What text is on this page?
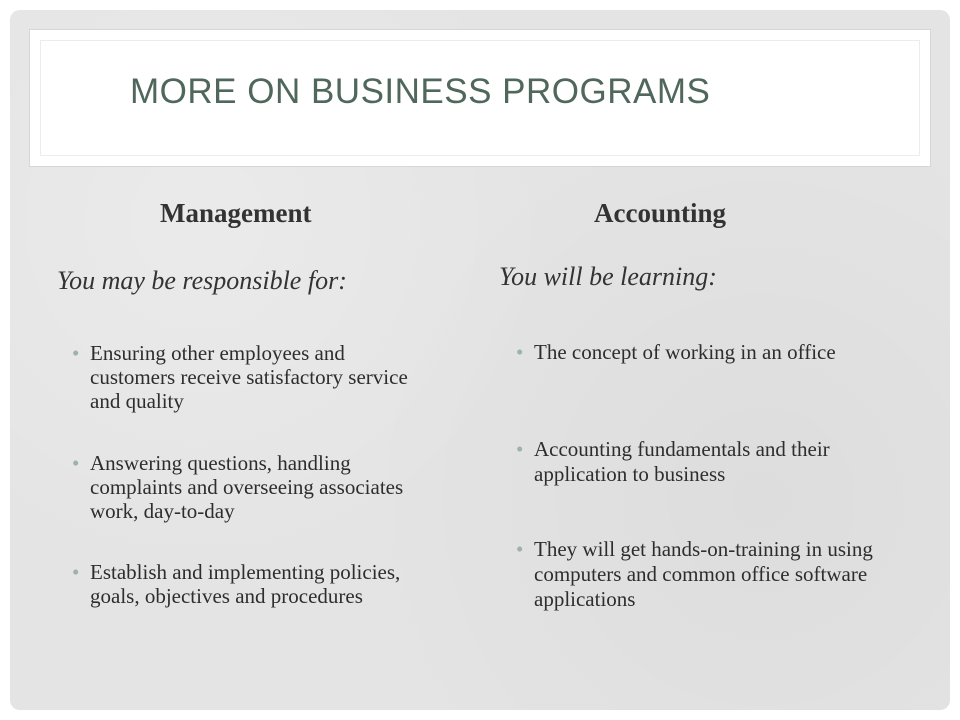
MORE ON BUSINESS PROGRAMS
Management

You may be responsible for:

• Ensuring other employees and customers receive satisfactory service and quality
• Answering questions, handling complaints and overseeing associates work, day-to-day
• Establish and implementing policies, goals, objectives and procedures
Accounting

You will be learning:

• The concept of working in an office
• Accounting fundamentals and their application to business
• They will get hands-on-training in using computers and common office software applications
